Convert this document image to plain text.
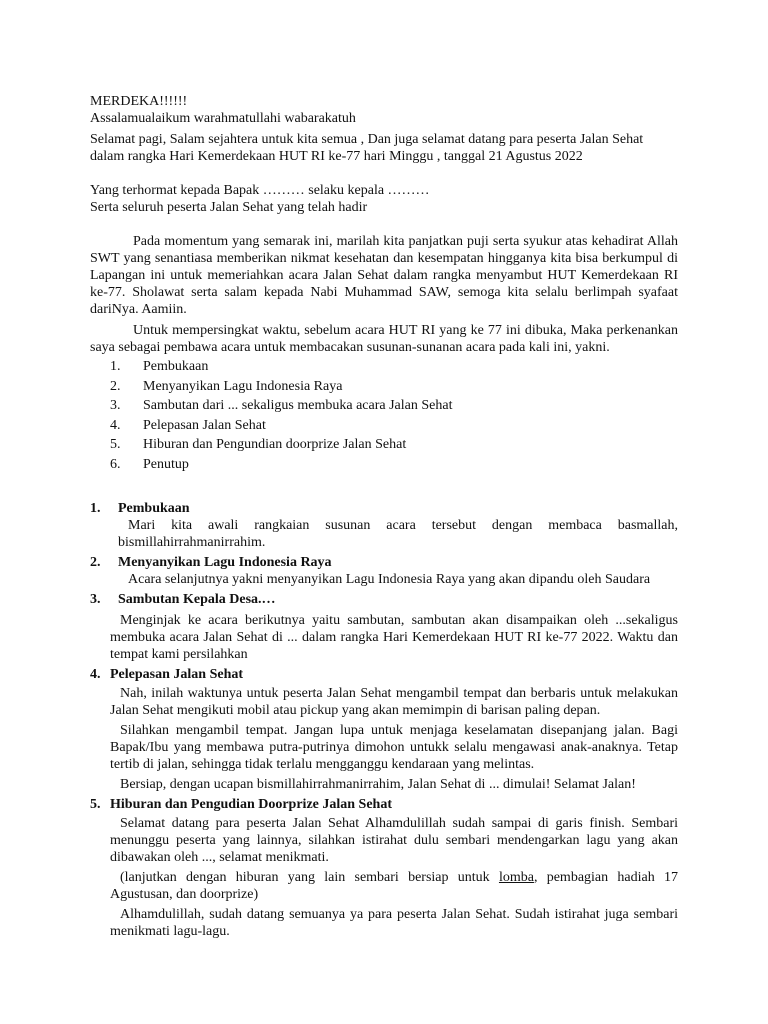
MERDEKA!!!!!!

Assalamualaikum warahmatullahi wabarakatuh

Selamat pagi, Salam sejahtera untuk kita semua , Dan juga selamat datang para peserta Jalan Sehat dalam rangka Hari Kemerdekaan HUT RI ke-77 hari Minggu , tanggal 21 Agustus 2022

Yang terhormat kepada Bapak ……… selaku kepala ………

Serta seluruh peserta Jalan Sehat yang telah hadir

Pada momentum yang semarak ini, marilah kita panjatkan puji serta syukur atas kehadirat Allah SWT yang senantiasa memberikan nikmat kesehatan dan kesempatan hingganya kita bisa berkumpul di Lapangan ini untuk memeriahkan acara Jalan Sehat dalam rangka menyambut HUT Kemerdekaan RI ke-77. Sholawat serta salam kepada Nabi Muhammad SAW, semoga kita selalu berlimpah syafaat dariNya. Aamiin.

Untuk mempersingkat waktu, sebelum acara HUT RI yang ke 77 ini dibuka, Maka perkenankan saya sebagai pembawa acara untuk membacakan susunan-sunanan acara pada kali ini, yakni.

1.	Pembukaan
2.	Menyanyikan Lagu Indonesia Raya
3.	Sambutan dari ... sekaligus membuka acara Jalan Sehat
4.	Pelepasan Jalan Sehat
5.	Hiburan dan Pengundian doorprize Jalan Sehat
6.	Penutup
1.	Pembukaan

Mari kita awali rangkaian susunan acara tersebut dengan membaca basmallah, bismillahirrahmanirrahim.

2.	Menyanyikan Lagu Indonesia Raya

Acara selanjutnya yakni menyanyikan Lagu Indonesia Raya yang akan dipandu oleh Saudara

3.	Sambutan Kepala Desa.…

Menginjak ke acara berikutnya yaitu sambutan, sambutan akan disampaikan oleh ...sekaligus membuka acara Jalan Sehat di ... dalam rangka Hari Kemerdekaan HUT RI ke-77 2022. Waktu dan tempat kami persilahkan

4. Pelepasan Jalan Sehat

Nah, inilah waktunya untuk peserta Jalan Sehat mengambil tempat dan berbaris untuk melakukan Jalan Sehat mengikuti mobil atau pickup yang akan memimpin di barisan paling depan.

Silahkan mengambil tempat. Jangan lupa untuk menjaga keselamatan disepanjang jalan. Bagi Bapak/Ibu yang membawa putra-putrinya dimohon untukk selalu mengawasi anak-anaknya. Tetap tertib di jalan, sehingga tidak terlalu mengganggu kendaraan yang melintas.

Bersiap, dengan ucapan bismillahirrahmanirrahim, Jalan Sehat di ... dimulai! Selamat Jalan!

5. Hiburan dan Pengudian Doorprize Jalan Sehat

Selamat datang para peserta Jalan Sehat Alhamdulillah sudah sampai di garis finish. Sembari menunggu peserta yang lainnya, silahkan istirahat dulu sembari mendengarkan lagu yang akan dibawakan oleh ..., selamat menikmati.

(lanjutkan dengan hiburan yang lain sembari bersiap untuk lomba, pembagian hadiah 17 Agustusan, dan doorprize)

Alhamdulillah, sudah datang semuanya ya para peserta Jalan Sehat. Sudah istirahat juga sembari menikmati lagu-lagu.
